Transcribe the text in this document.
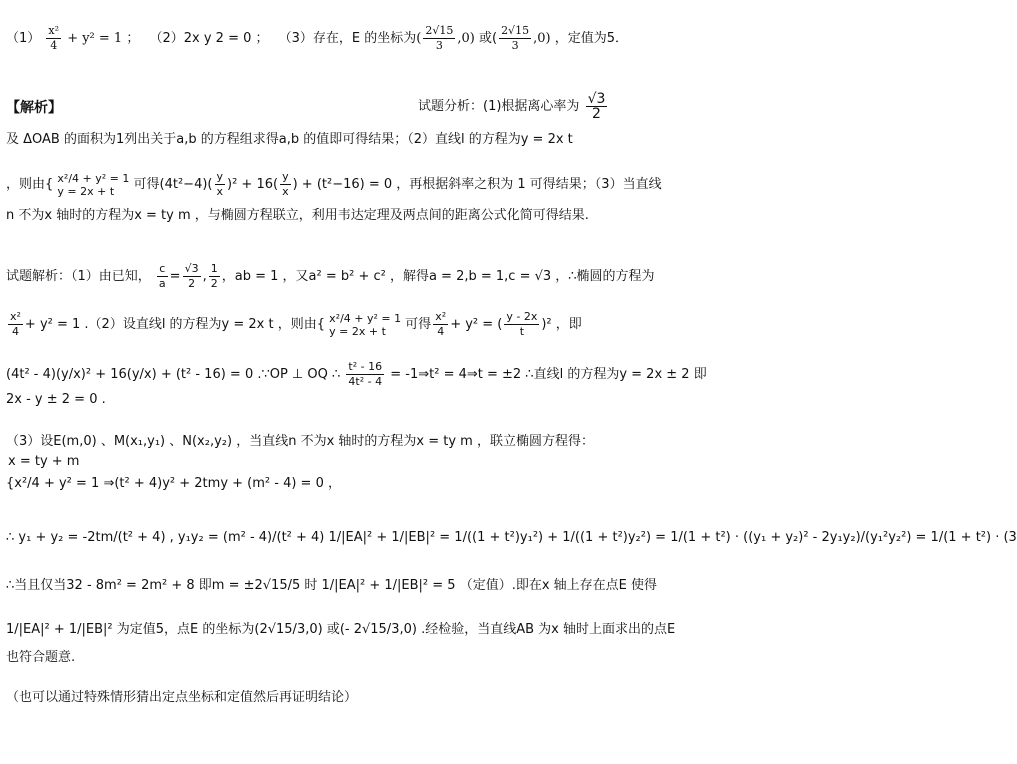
$(1) \frac{\text{x²}}{4} + y^2 = 1$ ； （2）2x y 2 = 0 ； （3）存在，E 的坐标为( $\frac{2√15}{3} ,0$) 或( $\frac{2√15}{3} ,0$) ，定值为5．
【解析】	试题分析：(1)根据离心率为 $\frac{√3}{2}$
及 ΔOAB 的面积为1列出关于a,b 的方程组求得a,b 的值即可得结果；（2）直线l 的方程为y = 2x t
，则由{ x²/4 + y² = 1
y = 2x + t	可得$(4t^2-4)( \frac{y}{x} )^2 + 16( \frac{y}{x}$ ) + (t²−16) = 0 ，再根据斜率之积为 1 可得结果；（3）当直线
n 不为x 轴时的方程为x = ty m ，与椭圆方程联立，利用韦达定理及两点间的距离公式化简可得结果.
试题解析：（1）由已知， $\frac{c}{a} = \frac{√3}{2}$ , $\frac{1}{2}$ ，ab = 1 ，又a² = b² + c² ，解得a = 2,b = 1,c = √3 ，∴椭圆的方程为
$\frac{\text{x²}}{4} + y^2 = 1$ .（2）设直线l 的方程为y = 2x t ，则由{ x²/4 + y² = 1
y = 2x + t	可得 $\frac{\text{x²}}{4} + y^2$ = ( $\frac{y - 2x}{t} )^2$ ，即
(4t² - 4)(y/x)² + 16(y/x) + (t² - 16) = 0 .∵OP ⊥ OQ ∴ $\frac{\text{t² - 16}}{\text{4t² - 4}}$ = -1⇒t² = 4⇒t = ±2 ∴直线l 的方程为y = 2x ± 2 即
2x - y ± 2 = 0 .
（3）设E(m,0) 、M(x₁,y₁) 、N(x₂,y₂) ，当直线n 不为x 轴时的方程为x = ty m ，联立椭圆方程得：
x = ty + m
{x²/4 + y² = 1 ⇒(t² + 4)y² + 2tmy + (m² - 4) = 0 ，
∴ y₁ + y₂ = -2tm/(t² + 4) , y₁y₂ = (m² - 4)/(t² + 4) 1/|EA|² + 1/|EB|² = 1/((1 + t²)y₁²) + 1/((1 + t²)y₂²) = 1/(1 + t²) · ((y₁ + y₂)² - 2y₁y₂)/(y₁²y₂²) = 1/(1 + t²) · (3
∴当且仅当32 - 8m² = 2m² + 8 即m = ±2√15/5 时 1/|EA|² + 1/|EB|² = 5 （定值）.即在x 轴上存在点E 使得
1/|EA|² + 1/|EB|² 为定值5，点E 的坐标为(2√15/3,0) 或(- 2√15/3,0) .经检验，当直线AB 为x 轴时上面求出的点E
也符合题意.
（也可以通过特殊情形猜出定点坐标和定值然后再证明结论）
